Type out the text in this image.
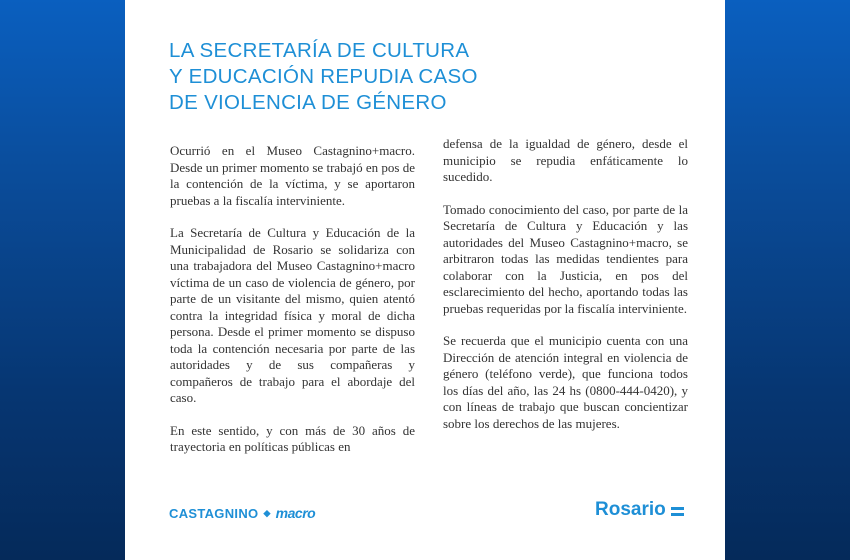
LA SECRETARÍA DE CULTURA
Y EDUCACIÓN REPUDIA CASO
DE VIOLENCIA DE GÉNERO

Ocurrió en el Museo Castagnino+macro. Desde un primer momento se trabajó en pos de la contención de la víctima, y se aportaron pruebas a la fiscalía interviniente.

La Secretaría de Cultura y Educación de la Municipalidad de Rosario se solidariza con una trabajadora del Museo Castagnino+macro víctima de un caso de violencia de género, por parte de un visitante del mismo, quien atentó contra la integridad física y moral de dicha persona. Desde el primer momento se dispuso toda la contención necesaria por parte de las autoridades y de sus compañeras y compañeros de trabajo para el abordaje del caso.

En este sentido, y con más de 30 años de trayectoria en políticas públicas en

defensa de la igualdad de género, desde el municipio se repudia enfáticamente lo sucedido.

Tomado conocimiento del caso, por parte de la Secretaría de Cultura y Educación y las autoridades del Museo Castagnino+macro, se arbitraron todas las medidas tendientes para colaborar con la Justicia, en pos del esclarecimiento del hecho, aportando todas las pruebas requeridas por la fiscalía interviniente.

Se recuerda que el municipio cuenta con una Dirección de atención integral en violencia de género (teléfono verde), que funciona todos los días del año, las 24 hs (0800-444-0420), y con líneas de trabajo que buscan concientizar sobre los derechos de las mujeres.

CASTAGNINO ◆ macro	Rosario
